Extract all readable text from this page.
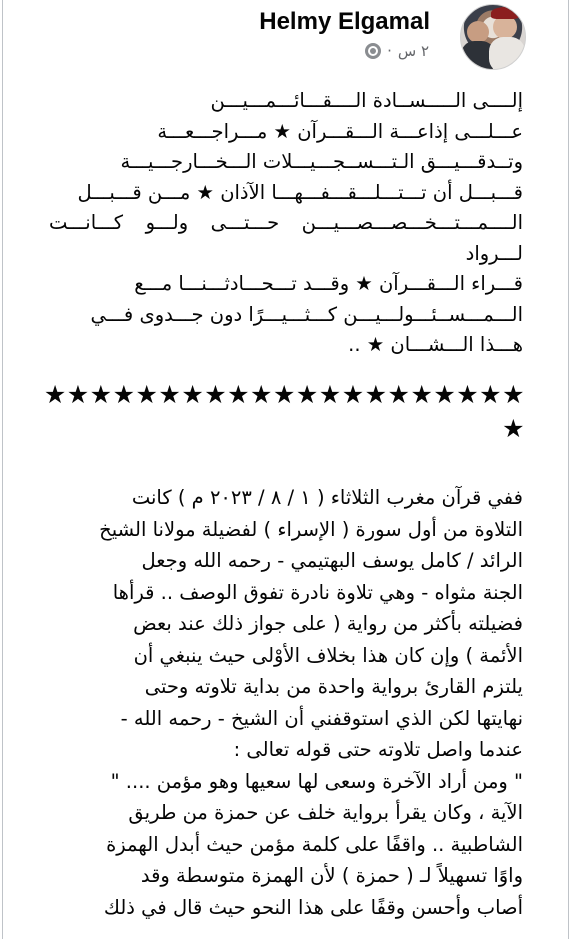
Helmy Elgamal
٢ س
·
إلــــى الـــــســادة الــــقـــائـــمـــيـــن
عـــلـــى إذاعـــة الـــقـــرآن ★ مـــراجـــعـــة
وتــدقـــيـــق الـتـــســجـــيـــلات الـــخـــارجـــيـــة
قـــبـــل أن تـــتـــلـــقـــفـــهـــا الآذان ★ مـــن قـــبـــل
الــــمـــتـــخـــصـــصـــيـــن حـــتـــى ولـــو كـــانـــت لـــرواد
قـــراء الـــقـــرآن ★ وقـــد تـــحـــادثـــنـــا مـــع
الـــمـــســئـــولـــيـــن كـــثـــيـــرًا دون جـــدوى فـــي
هـــذا الـــشـــان ★ ..
★★★★★★★★★★★★★★★★★★★★★
★
ففي قرآن مغرب الثلاثاء ( ١ / ٨ / ٢٠٢٣ م ) كانت
التلاوة من أول سورة ( الإسراء ) لفضيلة مولانا الشيخ
الرائد / كامل يوسف البهتيمي - رحمه الله وجعل
الجنة مثواه - وهي تلاوة نادرة تفوق الوصف .. قرأها
فضيلته بأكثر من رواية ( على جواز ذلك عند بعض
الأئمة ) وإن كان هذا بخلاف الأوْلى حيث ينبغي أن
يلتزم القارئ برواية واحدة من بداية تلاوته وحتى
نهايتها لكن الذي استوقفني أن الشيخ - رحمه الله -
عندما واصل تلاوته حتى قوله تعالى :
" ومن أراد الآخرة وسعى لها سعيها وهو مؤمن .... "
الآية ، وكان يقرأ برواية خلف عن حمزة من طريق
الشاطبية .. واقفًا على كلمة مؤمن حيث أبدل الهمزة
واوًا تسهيلاً لـ ( حمزة ) لأن الهمزة متوسطة وقد
أصاب وأحسن وقفًا على هذا النحو حيث قال في ذلك
